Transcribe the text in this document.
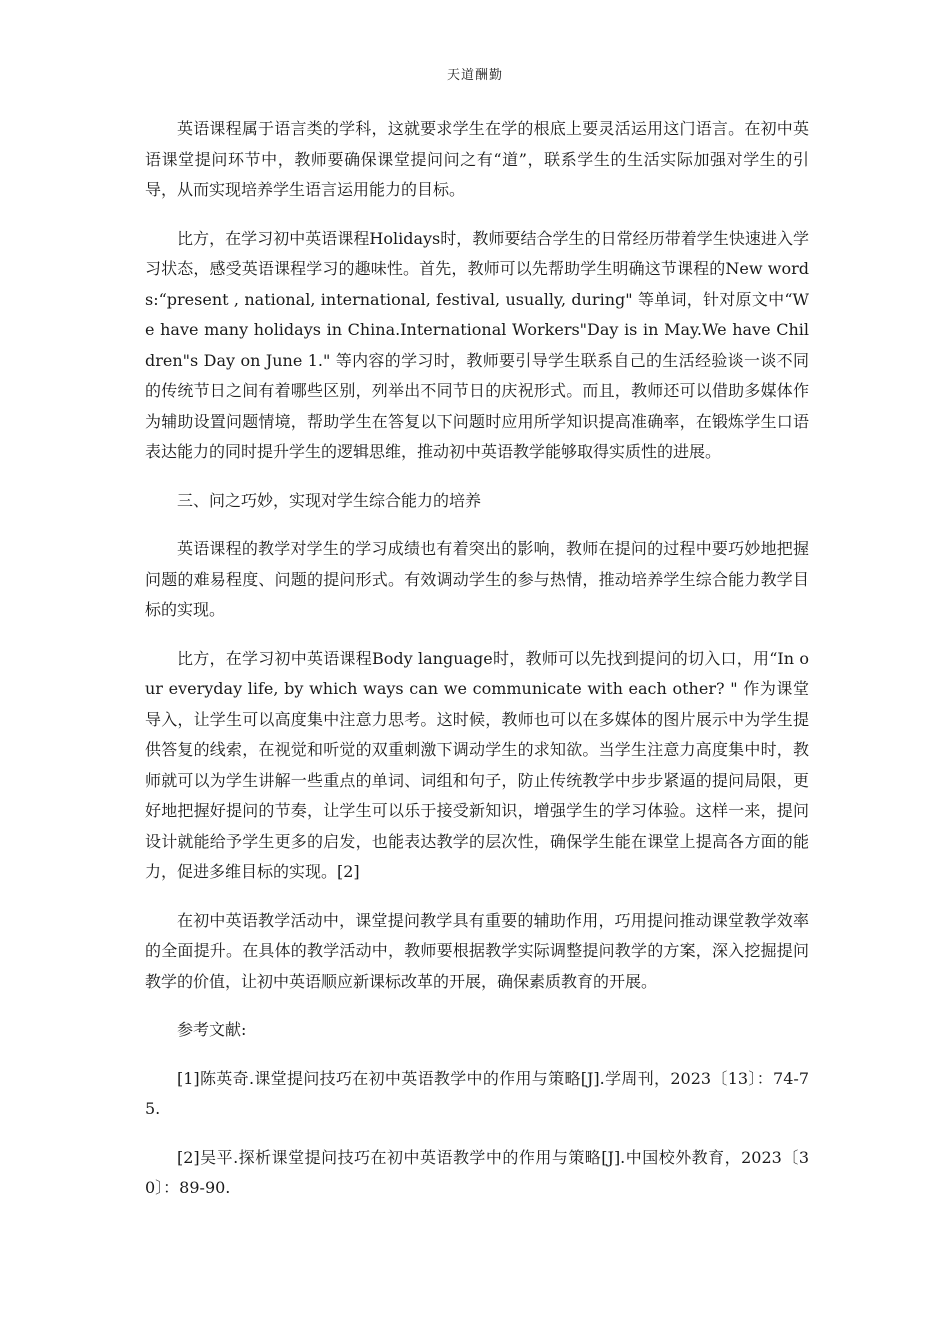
天道酬勤

英语课程属于语言类的学科，这就要求学生在学的根底上要灵活运用这门语言。在初中英语课堂提问环节中，教师要确保课堂提问问之有“道”，联系学生的生活实际加强对学生的引导，从而实现培养学生语言运用能力的目标。

比方，在学习初中英语课程Holidays时，教师要结合学生的日常经历带着学生快速进入学习状态，感受英语课程学习的趣味性。首先，教师可以先帮助学生明确这节课程的New words:“present , national, international, festival, usually, during" 等单词，针对原文中“We have many holidays in China.International Workers"Day is in May.We have Children"s Day on June 1." 等内容的学习时，教师要引导学生联系自己的生活经验谈一谈不同的传统节日之间有着哪些区别，列举出不同节日的庆祝形式。而且，教师还可以借助多媒体作为辅助设置问题情境，帮助学生在答复以下问题时应用所学知识提高准确率，在锻炼学生口语表达能力的同时提升学生的逻辑思维，推动初中英语教学能够取得实质性的进展。

三、问之巧妙，实现对学生综合能力的培养

英语课程的教学对学生的学习成绩也有着突出的影响，教师在提问的过程中要巧妙地把握问题的难易程度、问题的提问形式。有效调动学生的参与热情，推动培养学生综合能力教学目标的实现。

比方，在学习初中英语课程Body language时，教师可以先找到提问的切入口，用“In our everyday life, by which ways can we communicate with each other? " 作为课堂导入，让学生可以高度集中注意力思考。这时候，教师也可以在多媒体的图片展示中为学生提供答复的线索，在视觉和听觉的双重刺激下调动学生的求知欲。当学生注意力高度集中时，教师就可以为学生讲解一些重点的单词、词组和句子，防止传统教学中步步紧逼的提问局限，更好地把握好提问的节奏，让学生可以乐于接受新知识，增强学生的学习体验。这样一来，提问设计就能给予学生更多的启发，也能表达教学的层次性，确保学生能在课堂上提高各方面的能力，促进多维目标的实现。[2]

在初中英语教学活动中，课堂提问教学具有重要的辅助作用，巧用提问推动课堂教学效率的全面提升。在具体的教学活动中，教师要根据教学实际调整提问教学的方案，深入挖掘提问教学的价值，让初中英语顺应新课标改革的开展，确保素质教育的开展。

参考文献:

[1]陈英奇.课堂提问技巧在初中英语教学中的作用与策略[J].学周刊，2023〔13〕：74-75.

[2]吴平.探析课堂提问技巧在初中英语教学中的作用与策略[J].中国校外教育，2023〔30〕：89-90.
